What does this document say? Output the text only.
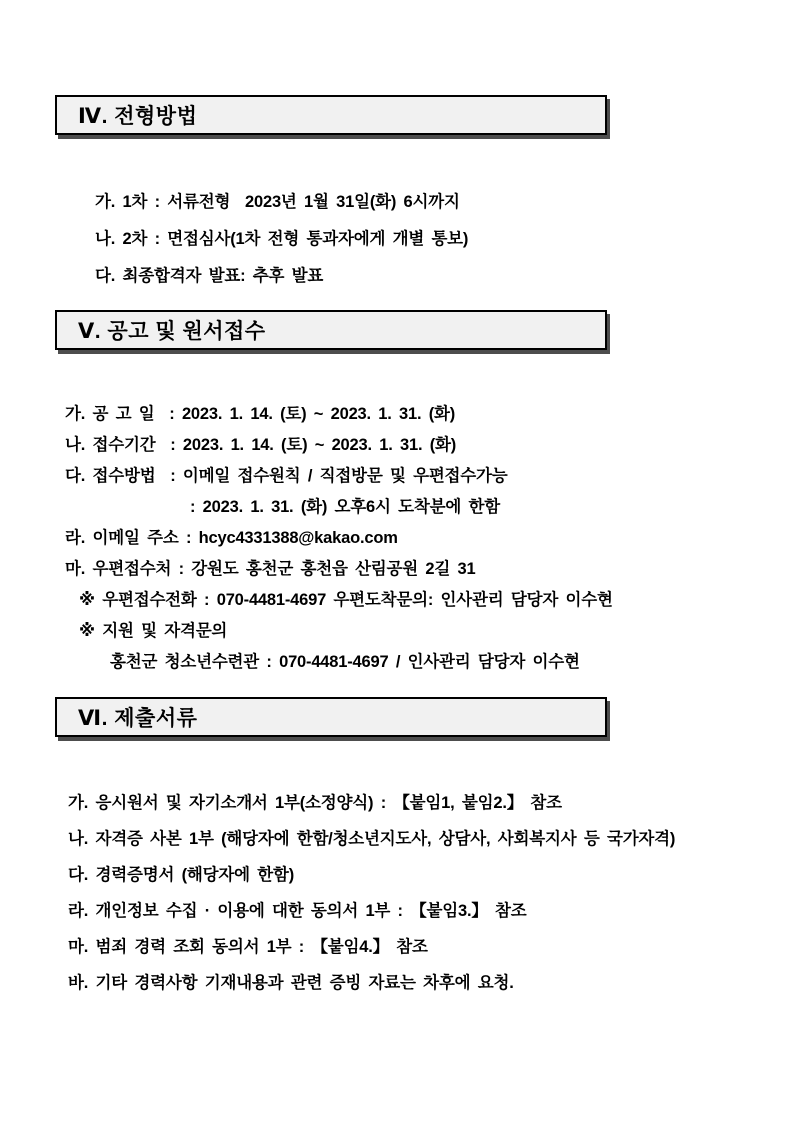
Ⅳ. 전형방법
가. 1차 : 서류전형  2023년 1월 31일(화) 6시까지
나. 2차 : 면접심사(1차 전형 통과자에게 개별 통보)
다. 최종합격자 발표: 추후 발표
Ⅴ. 공고 및 원서접수
가. 공 고 일  : 2023. 1. 14. (토) ~ 2023. 1. 31. (화)
나. 접수기간  : 2023. 1. 14. (토) ~ 2023. 1. 31. (화)
다. 접수방법  : 이메일 접수원칙 / 직접방문 및 우편접수가능
: 2023. 1. 31. (화) 오후6시 도착분에 한함
라. 이메일 주소 : hcyc4331388@kakao.com
마. 우편접수처 : 강원도 홍천군 홍천읍 산림공원 2길 31
※ 우편접수전화 : 070-4481-4697 우편도착문의: 인사관리 담당자 이수현
※ 지원 및 자격문의
홍천군 청소년수련관 : 070-4481-4697 / 인사관리 담당자 이수현
Ⅵ. 제출서류
가. 응시원서 및 자기소개서 1부(소정양식) : 【붙임1, 붙임2.】 참조
나. 자격증 사본 1부 (해당자에 한함/청소년지도사, 상담사, 사회복지사 등 국가자격)
다. 경력증명서 (해당자에 한함)
라. 개인정보 수집 · 이용에 대한 동의서 1부 : 【붙임3.】 참조
마. 범죄 경력 조회 동의서 1부 : 【붙임4.】 참조
바. 기타 경력사항 기재내용과 관련 증빙 자료는 차후에 요청.
